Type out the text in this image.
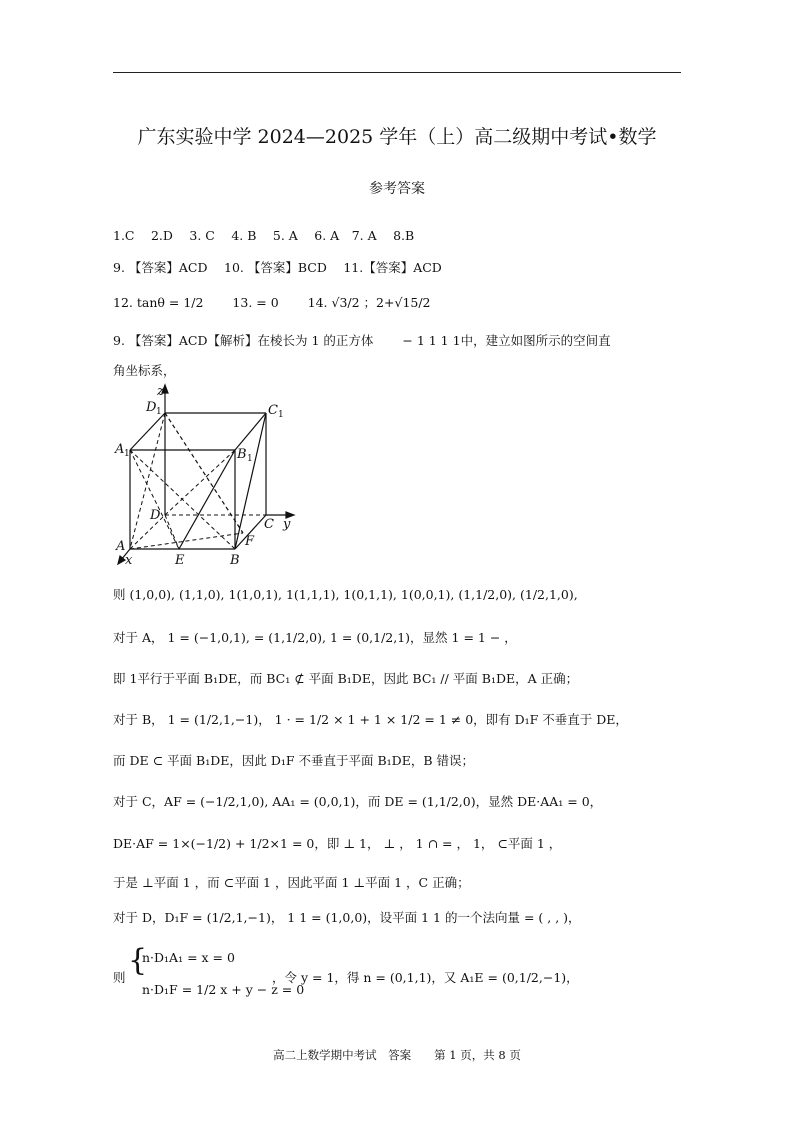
广东实验中学 2024—2025 学年（上）高二级期中考试•数学
参考答案
1.C　 2.D　 3. C　 4. B　 5. A　 6. A　7. A　 8.B
9. 【答案】ACD　 10. 【答案】BCD　 11.【答案】ACD
12. tanθ = 1/2　　 13. = 0　　 14. √3/2 ；2+√15/2
9. 【答案】ACD【解析】在棱长为 1 的正方体　　 − 1 1 1 1中，建立如图所示的空间直
角坐标系，
z
D 1	C 1
A 1	B 1
D
C y
A
x	E	B
F
则 (1,0,0), (1,1,0), 1(1,0,1), 1(1,1,1), 1(0,1,1), 1(0,0,1), (1,1/2,0), (1/2,1,0),
对于 A， 1 = (−1,0,1), = (1,1/2,0), 1 = (0,1/2,1)，显然 1 = 1 − ，
即 1平行于平面 B₁DE，而 BC₁ ⊄ 平面 B₁DE，因此 BC₁ // 平面 B₁DE，A 正确；
对于 B， 1 = (1/2,1,−1)， 1 · = 1/2 × 1 + 1 × 1/2 = 1 ≠ 0，即有 D₁F 不垂直于 DE，
而 DE ⊂ 平面 B₁DE，因此 D₁F 不垂直于平面 B₁DE，B 错误；
对于 C，AF = (−1/2,1,0), AA₁ = (0,0,1)，而 DE = (1,1/2,0)，显然 DE·AA₁ = 0，
DE·AF = 1×(−1/2) + 1/2×1 = 0，即 ⊥ 1， ⊥ ， 1 ∩ = ， 1， ⊂平面 1 ，
于是 ⊥平面 1 ，而 ⊂平面 1 ，因此平面 1 ⊥平面 1 ，C 正确；
对于 D，D₁F = (1/2,1,−1)， 1 1 = (1,0,0)，设平面 1 1 的一个法向量 = ( , , )，
则 {
n·D₁A₁ = x = 0
n·D₁F = 1/2 x + y − z = 0
，令 y = 1，得 n = (0,1,1)，又 A₁E = (0,1/2,−1)，
高二上数学期中考试　答案　　第 1 页，共 8 页
